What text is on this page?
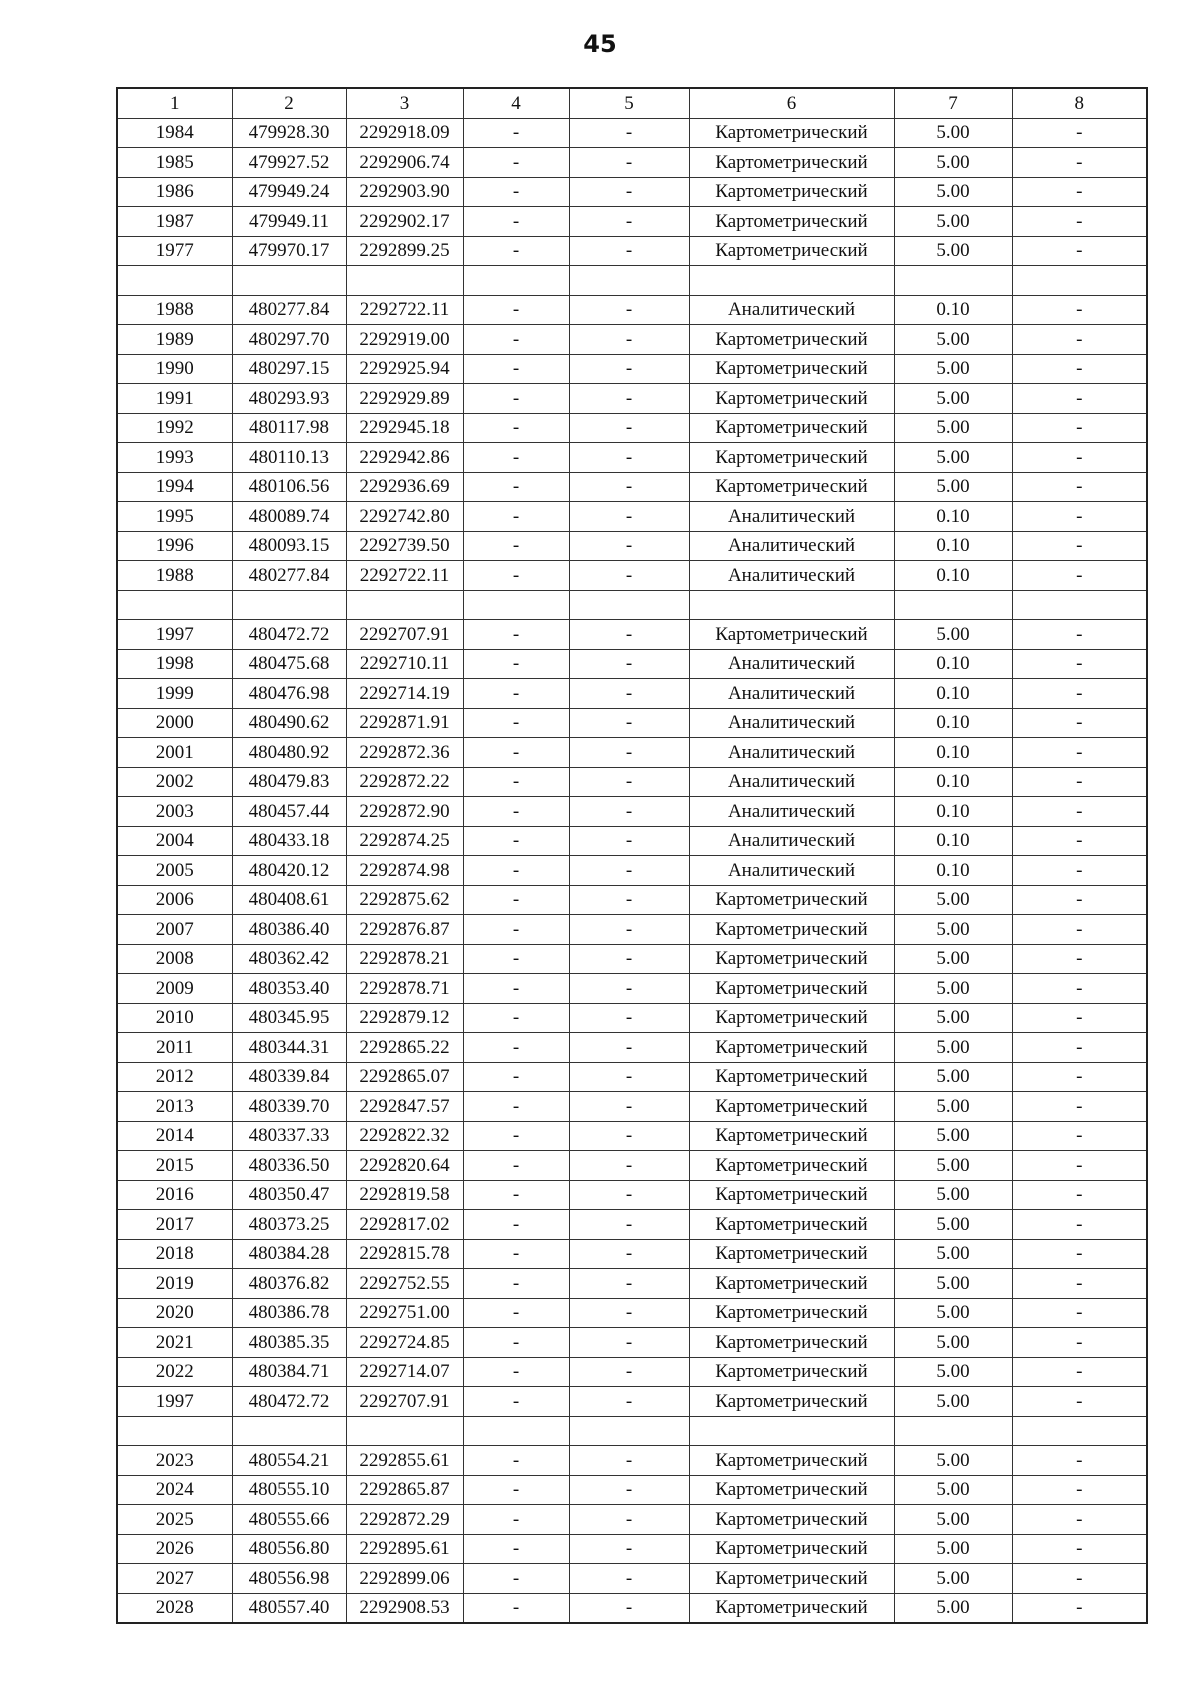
45
1	2	3	4	5	6	7	8
1984	479928.30	2292918.09	-	-	Картометрический	5.00	-
1985	479927.52	2292906.74	-	-	Картометрический	5.00	-
1986	479949.24	2292903.90	-	-	Картометрический	5.00	-
1987	479949.11	2292902.17	-	-	Картометрический	5.00	-
1977	479970.17	2292899.25	-	-	Картометрический	5.00	-

1988	480277.84	2292722.11	-	-	Аналитический	0.10	-
1989	480297.70	2292919.00	-	-	Картометрический	5.00	-
1990	480297.15	2292925.94	-	-	Картометрический	5.00	-
1991	480293.93	2292929.89	-	-	Картометрический	5.00	-
1992	480117.98	2292945.18	-	-	Картометрический	5.00	-
1993	480110.13	2292942.86	-	-	Картометрический	5.00	-
1994	480106.56	2292936.69	-	-	Картометрический	5.00	-
1995	480089.74	2292742.80	-	-	Аналитический	0.10	-
1996	480093.15	2292739.50	-	-	Аналитический	0.10	-
1988	480277.84	2292722.11	-	-	Аналитический	0.10	-

1997	480472.72	2292707.91	-	-	Картометрический	5.00	-
1998	480475.68	2292710.11	-	-	Аналитический	0.10	-
1999	480476.98	2292714.19	-	-	Аналитический	0.10	-
2000	480490.62	2292871.91	-	-	Аналитический	0.10	-
2001	480480.92	2292872.36	-	-	Аналитический	0.10	-
2002	480479.83	2292872.22	-	-	Аналитический	0.10	-
2003	480457.44	2292872.90	-	-	Аналитический	0.10	-
2004	480433.18	2292874.25	-	-	Аналитический	0.10	-
2005	480420.12	2292874.98	-	-	Аналитический	0.10	-
2006	480408.61	2292875.62	-	-	Картометрический	5.00	-
2007	480386.40	2292876.87	-	-	Картометрический	5.00	-
2008	480362.42	2292878.21	-	-	Картометрический	5.00	-
2009	480353.40	2292878.71	-	-	Картометрический	5.00	-
2010	480345.95	2292879.12	-	-	Картометрический	5.00	-
2011	480344.31	2292865.22	-	-	Картометрический	5.00	-
2012	480339.84	2292865.07	-	-	Картометрический	5.00	-
2013	480339.70	2292847.57	-	-	Картометрический	5.00	-
2014	480337.33	2292822.32	-	-	Картометрический	5.00	-
2015	480336.50	2292820.64	-	-	Картометрический	5.00	-
2016	480350.47	2292819.58	-	-	Картометрический	5.00	-
2017	480373.25	2292817.02	-	-	Картометрический	5.00	-
2018	480384.28	2292815.78	-	-	Картометрический	5.00	-
2019	480376.82	2292752.55	-	-	Картометрический	5.00	-
2020	480386.78	2292751.00	-	-	Картометрический	5.00	-
2021	480385.35	2292724.85	-	-	Картометрический	5.00	-
2022	480384.71	2292714.07	-	-	Картометрический	5.00	-
1997	480472.72	2292707.91	-	-	Картометрический	5.00	-

2023	480554.21	2292855.61	-	-	Картометрический	5.00	-
2024	480555.10	2292865.87	-	-	Картометрический	5.00	-
2025	480555.66	2292872.29	-	-	Картометрический	5.00	-
2026	480556.80	2292895.61	-	-	Картометрический	5.00	-
2027	480556.98	2292899.06	-	-	Картометрический	5.00	-
2028	480557.40	2292908.53	-	-	Картометрический	5.00	-
